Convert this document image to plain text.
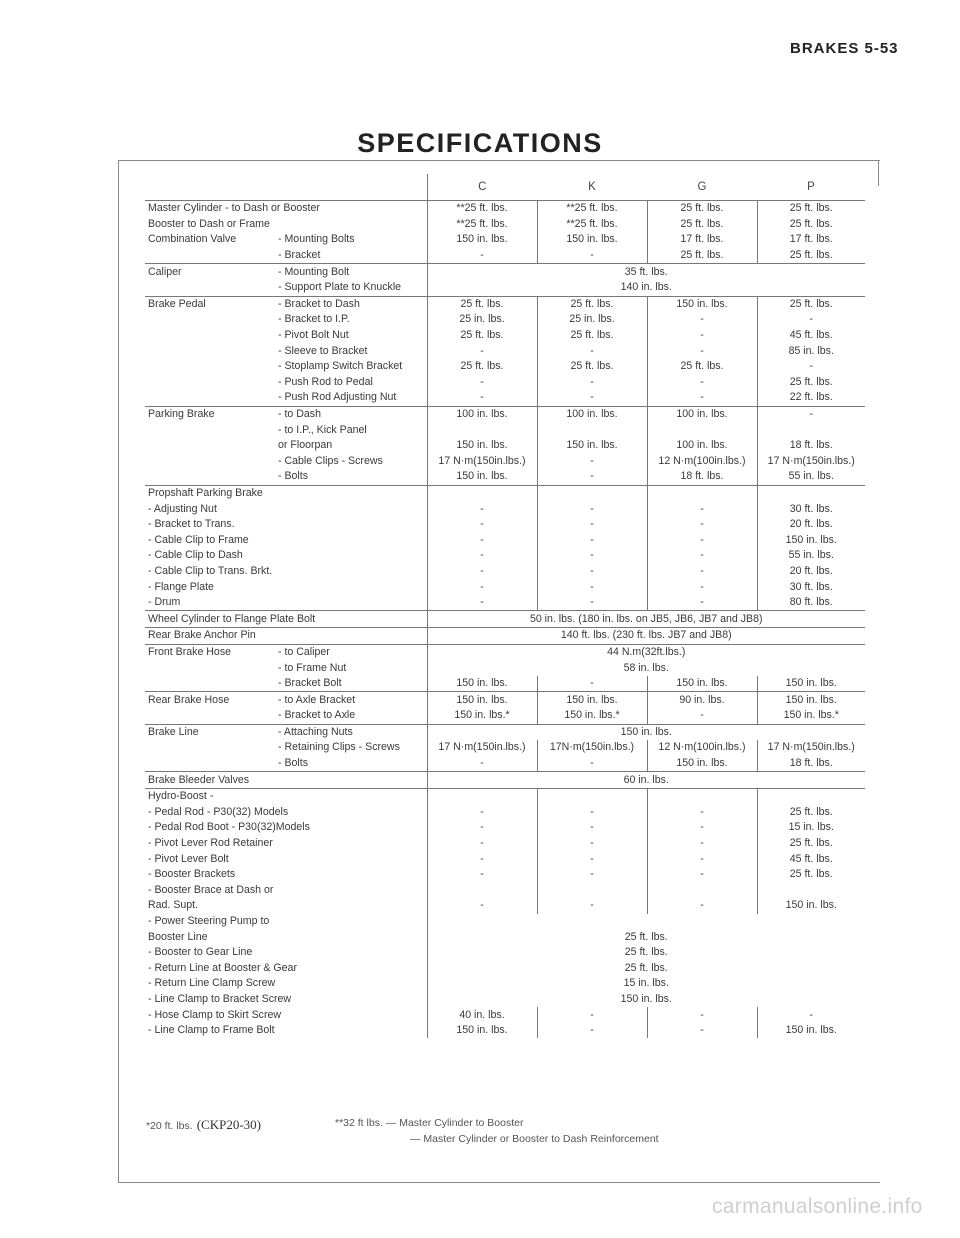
BRAKES 5-53
SPECIFICATIONS
		C	K	G	P
Master Cylinder - to Dash or Booster		**25 ft. lbs.	**25 ft. lbs.	25 ft. lbs.	25 ft. lbs.
Booster to Dash or Frame		**25 ft. lbs.	**25 ft. lbs.	25 ft. lbs.	25 ft. lbs.
Combination Valve	- Mounting Bolts	150 in. lbs.	150 in. lbs.	17 ft. lbs.	17 ft. lbs.
	- Bracket	-	-	25 ft. lbs.	25 ft. lbs.
Caliper	- Mounting Bolt	35 ft. lbs.			
	- Support Plate to Knuckle	140 in. lbs.			
Brake Pedal	- Bracket to Dash	25 ft. lbs.	25 ft. lbs.	150 in. lbs.	25 ft. lbs.
	- Bracket to I.P.	25 in. lbs.	25 in. lbs.	-	-
	- Pivot Bolt Nut	25 ft. lbs.	25 ft. lbs.	-	45 ft. lbs.
	- Sleeve to Bracket	-	-	-	85 in. lbs.
	- Stoplamp Switch Bracket	25 ft. lbs.	25 ft. lbs.	25 ft. lbs.	-
	- Push Rod to Pedal	-	-	-	25 ft. lbs.
	- Push Rod Adjusting Nut	-	-	-	22 ft. lbs.
Parking Brake	- to Dash	100 in. lbs.	100 in. lbs.	100 in. lbs.	-
	- to I.P., Kick Panel				
	or Floorpan	150 in. lbs.	150 in. lbs.	100 in. lbs.	18 ft. lbs.
	- Cable Clips - Screws	17 N·m(150in.lbs.)	-	12 N·m(100in.lbs.)	17 N·m(150in.lbs.)
	- Bolts	150 in. lbs.	-	18 ft. lbs.	55 in. lbs.
Propshaft Parking Brake					
- Adjusting Nut		-	-	-	30 ft. lbs.
- Bracket to Trans.		-	-	-	20 ft. lbs.
- Cable Clip to Frame		-	-	-	150 in. lbs.
- Cable Clip to Dash		-	-	-	55 in. lbs.
- Cable Clip to Trans. Brkt.		-	-	-	20 ft. lbs.
- Flange Plate		-	-	-	30 ft. lbs.
- Drum		-	-	-	80 ft. lbs.
Wheel Cylinder to Flange Plate Bolt		50 in. lbs. (180 in. lbs. on JB5, JB6, JB7 and JB8)			
Rear Brake Anchor Pin		140 ft. lbs. (230 ft. lbs. JB7 and JB8)			
Front Brake Hose	- to Caliper	44 N.m(32ft.lbs.)			
	- to Frame Nut	58 in. lbs.			
	- Bracket Bolt	150 in. lbs.	-	150 in. lbs.	150 in. lbs.
Rear Brake Hose	- to Axle Bracket	150 in. lbs.	150 in. lbs.	90 in. lbs.	150 in. lbs.
	- Bracket to Axle	150 in. lbs.*	150 in. lbs.*	-	150 in. lbs.*
Brake Line	- Attaching Nuts	150 in. lbs.			
	- Retaining Clips - Screws	17 N·m(150in.lbs.)	17N·m(150in.lbs.)	12 N·m(100in.lbs.)	17 N·m(150in.lbs.)
	- Bolts	-	-	150 in. lbs.	18 ft. lbs.
Brake Bleeder Valves		60 in. lbs.			
Hydro-Boost -					
- Pedal Rod - P30(32) Models		-	-	-	25 ft. lbs.
- Pedal Rod Boot - P30(32)Models		-	-	-	15 in. lbs.
- Pivot Lever Rod Retainer		-	-	-	25 ft. lbs.
- Pivot Lever Bolt		-	-	-	45 ft. lbs.
- Booster Brackets		-	-	-	25 ft. lbs.
- Booster Brace at Dash or					
Rad. Supt.		-	-	-	150 in. lbs.
- Power Steering Pump to					
Booster Line		25 ft. lbs.			
- Booster to Gear Line		25 ft. lbs.			
- Return Line at Booster & Gear		25 ft. lbs.			
- Return Line Clamp Screw		15 in. lbs.			
- Line Clamp to Bracket Screw		150 in. lbs.			
- Hose Clamp to Skirt Screw		40 in. lbs.	-	-	-
- Line Clamp to Frame Bolt		150 in. lbs.	-	-	150 in. lbs.
*20 ft. lbs. (CKP20-30)	**32 ft lbs. — Master Cylinder to Booster
— Master Cylinder or Booster to Dash Reinforcement
carmanualsonline.info
